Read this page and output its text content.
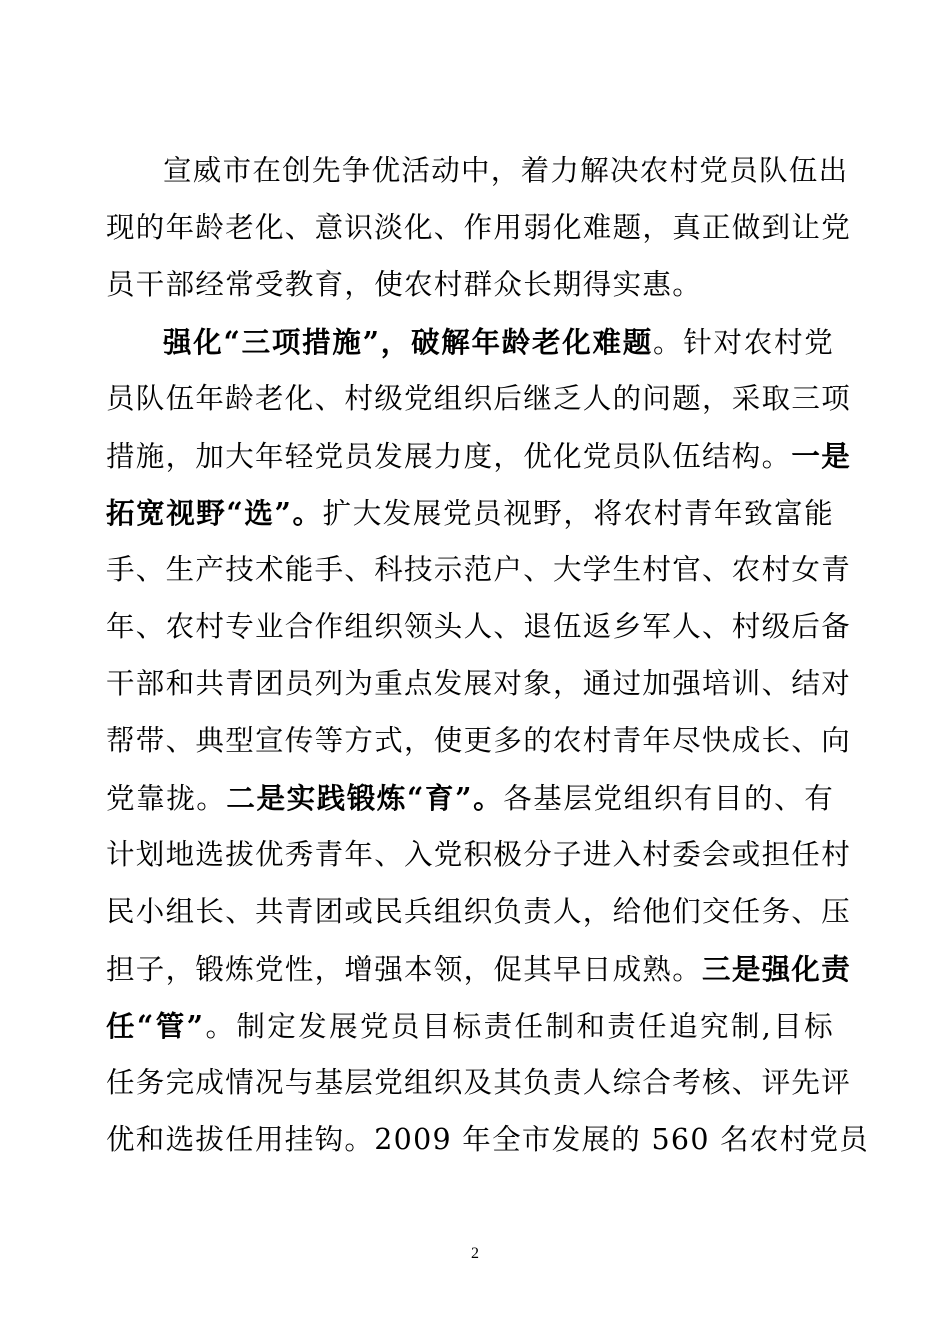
宣威市在创先争优活动中，着力解决农村党员队伍出
现的年龄老化、意识淡化、作用弱化难题，真正做到让党
员干部经常受教育，使农村群众长期得实惠。
强化“三项措施”，破解年龄老化难题。针对农村党
员队伍年龄老化、村级党组织后继乏人的问题，采取三项
措施，加大年轻党员发展力度，优化党员队伍结构。一是
拓宽视野“选”。扩大发展党员视野，将农村青年致富能
手、生产技术能手、科技示范户、大学生村官、农村女青
年、农村专业合作组织领头人、退伍返乡军人、村级后备
干部和共青团员列为重点发展对象，通过加强培训、结对
帮带、典型宣传等方式，使更多的农村青年尽快成长、向
党靠拢。二是实践锻炼“育”。各基层党组织有目的、有
计划地选拔优秀青年、入党积极分子进入村委会或担任村
民小组长、共青团或民兵组织负责人，给他们交任务、压
担子，锻炼党性，增强本领，促其早日成熟。三是强化责
任“管”。制定发展党员目标责任制和责任追究制,目标
任务完成情况与基层党组织及其负责人综合考核、评先评
优和选拔任用挂钩。2009 年全市发展的 560 名农村党员
2
